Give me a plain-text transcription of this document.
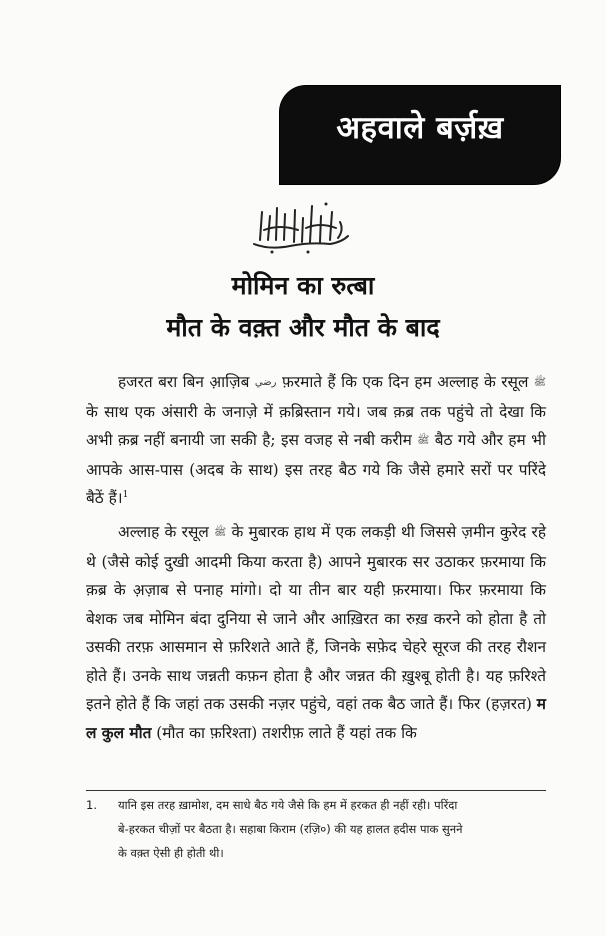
अहवाले बर्ज़ख़
मोमिन का रुत्बा
मौत के वक़्त और मौत के बाद
हजरत बरा बिन आ़ज़िब رضي फ़रमाते हैं कि एक दिन हम अल्लाह के रसूल ﷺ के साथ एक अंसारी के जनाज़े में क़ब्रिस्तान गये। जब क़ब्र तक पहुंचे तो देखा कि अभी क़ब्र नहीं बनायी जा सकी है; इस वजह से नबी करीम ﷺ बैठ गये और हम भी आपके आस-पास (अदब के साथ) इस तरह बैठ गये कि जैसे हमारे सरों पर परिंदे बैठें हैं।$^1$
अल्लाह के रसूल ﷺ के मुबारक हाथ में एक लकड़ी थी जिससे ज़मीन कुरेद रहे थे (जैसे कोई दुखी आदमी किया करता है) आपने मुबारक सर उठाकर फ़रमाया कि क़ब्र के अ़ज़ाब से पनाह मांगो। दो या तीन बार यही फ़रमाया। फिर फ़रमाया कि बेशक जब मोमिन बंदा दुनिया से जाने और आख़िरत का रुख़ करने को होता है तो उसकी तरफ़ आसमान से फ़रिशते आते हैं, जिनके सफ़ेद चेहरे सूरज की तरह रौशन होते हैं। उनके साथ जन्नती कफ़न होता है और जन्नत की ख़ुश्बू होती है। यह फ़रिश्ते इतने होते हैं कि जहां तक उसकी नज़र पहुंचे, वहां तक बैठ जाते हैं। फिर (हज़रत) म ल कुल मौत (मौत का फ़रिश्ता) तशरीफ़ लाते हैं यहां तक कि
1. यानि इस तरह ख़ामोश, दम साधे बैठ गये जैसे कि हम में हरकत ही नहीं रही। परिंदा
बे-हरकत चीज़ों पर बैठता है। सहाबा किराम (रज़ि०) की यह हालत हदीस पाक सुनने
के वक़्त ऐसी ही होती थी।
